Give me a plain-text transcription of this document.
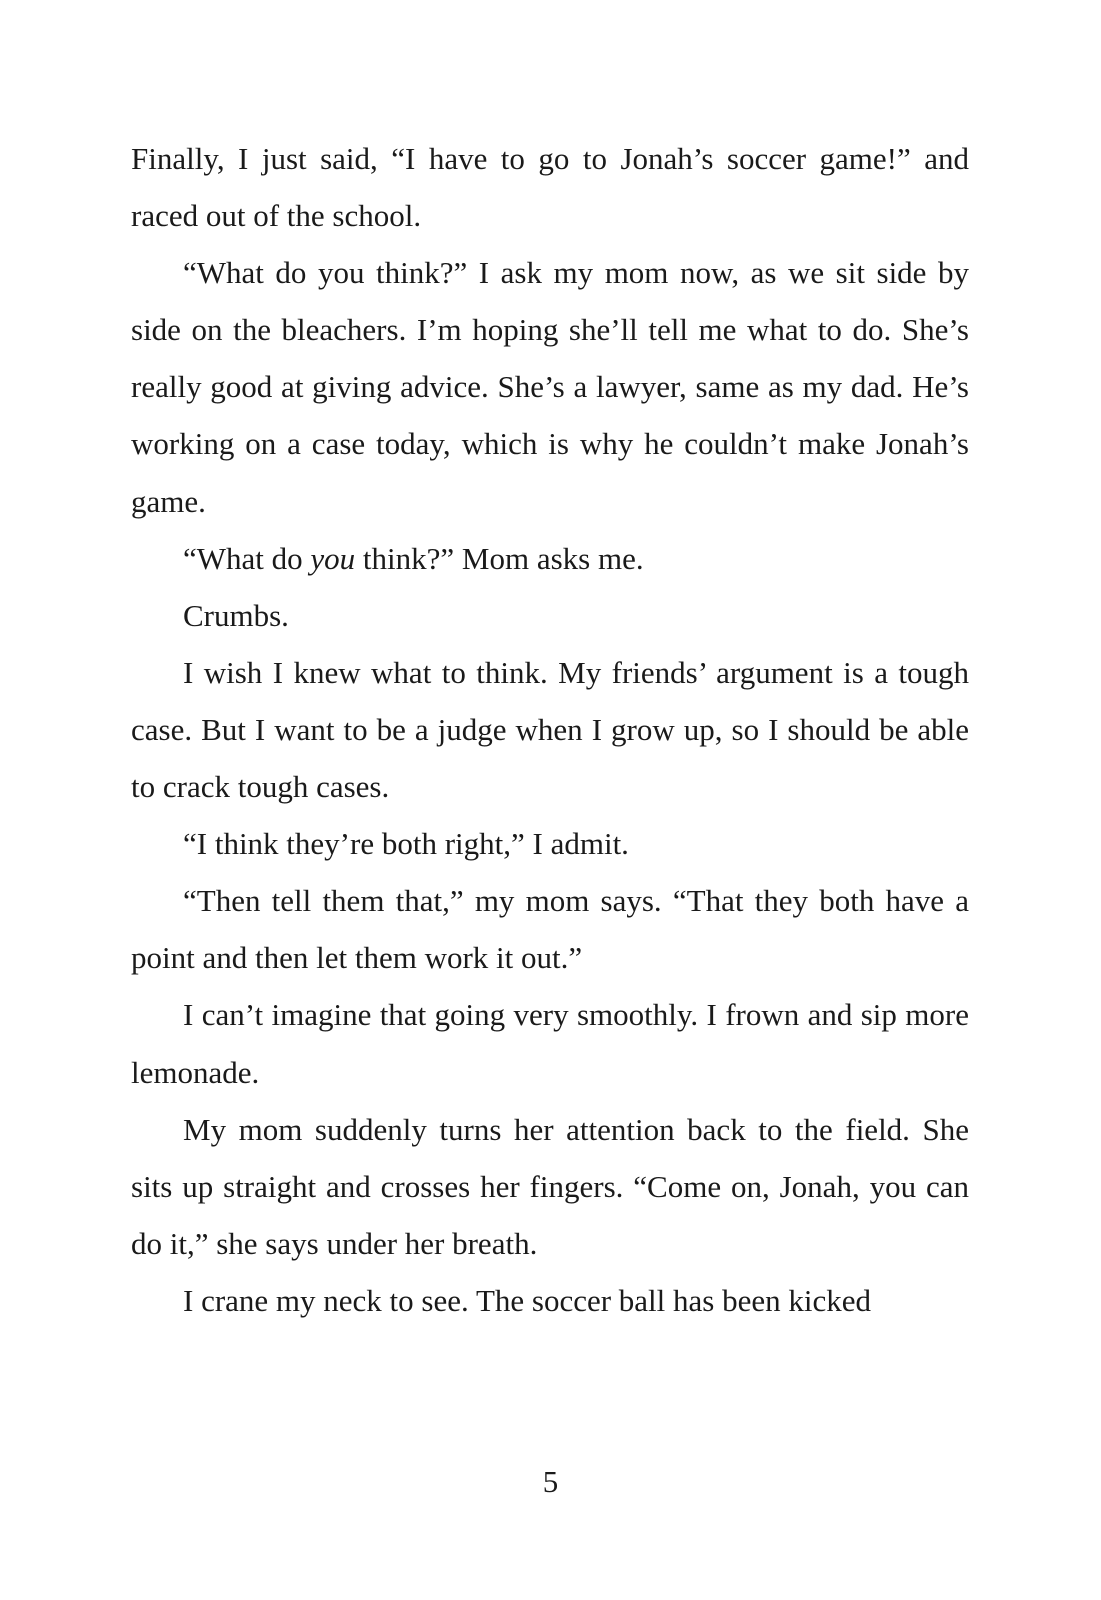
Finally, I just said, “I have to go to Jonah’s soccer game!” and raced out of the school.

“What do you think?” I ask my mom now, as we sit side by side on the bleachers. I’m hoping she’ll tell me what to do. She’s really good at giving advice. She’s a lawyer, same as my dad. He’s working on a case today, which is why he couldn’t make Jonah’s game.

“What do you think?” Mom asks me.

Crumbs.

I wish I knew what to think. My friends’ argument is a tough case. But I want to be a judge when I grow up, so I should be able to crack tough cases.

“I think they’re both right,” I admit.

“Then tell them that,” my mom says. “That they both have a point and then let them work it out.”

I can’t imagine that going very smoothly. I frown and sip more lemonade.

My mom suddenly turns her attention back to the field. She sits up straight and crosses her fingers. “Come on, Jonah, you can do it,” she says under her breath.

I crane my neck to see. The soccer ball has been kicked

5
